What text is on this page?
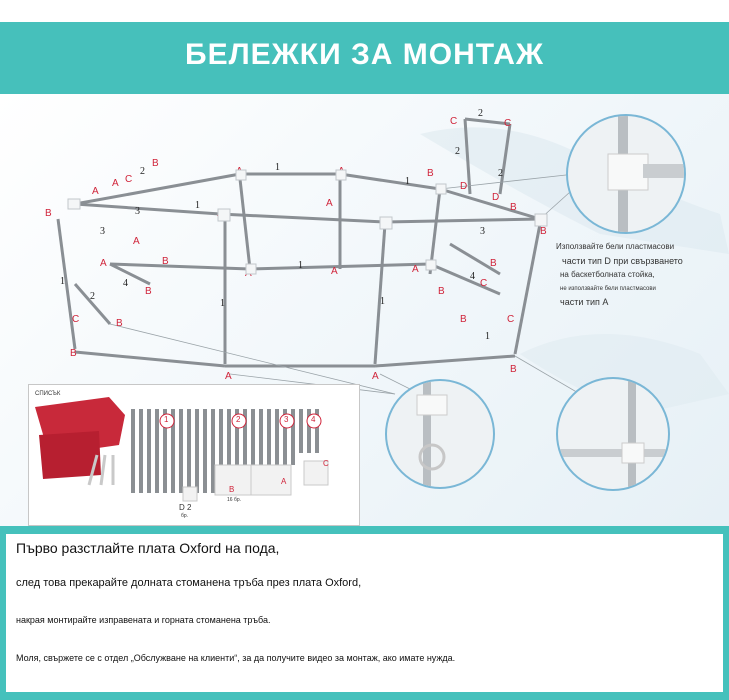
БЕЛЕЖКИ ЗА МОНТАЖ
B
A
A C
B
A
B
D
D
B
B
C	C
A	A
B
B
A
C	B
B
A	A
B
B	C
C
B
B
A
1
3
3
2
2
2
1
1
1
1
2
1
1	1
4
4
2
3
Използвайте бели пластмасови
части тип D при свързването
на баскетболната стойка,
не използвайте бели пластмасови
части тип A
СПИСЪК
1	2	3	4
B
16 бр.
A
C
D 2
бр.
Първо разстлайте плата Oxford на пода,
след това прекарайте долната стоманена тръба през плата Oxford,
накрая монтирайте изправената и горната стоманена тръба.
Моля, свържете се с отдел „Обслужване на клиенти“, за да получите видео за монтаж, ако имате нужда.
